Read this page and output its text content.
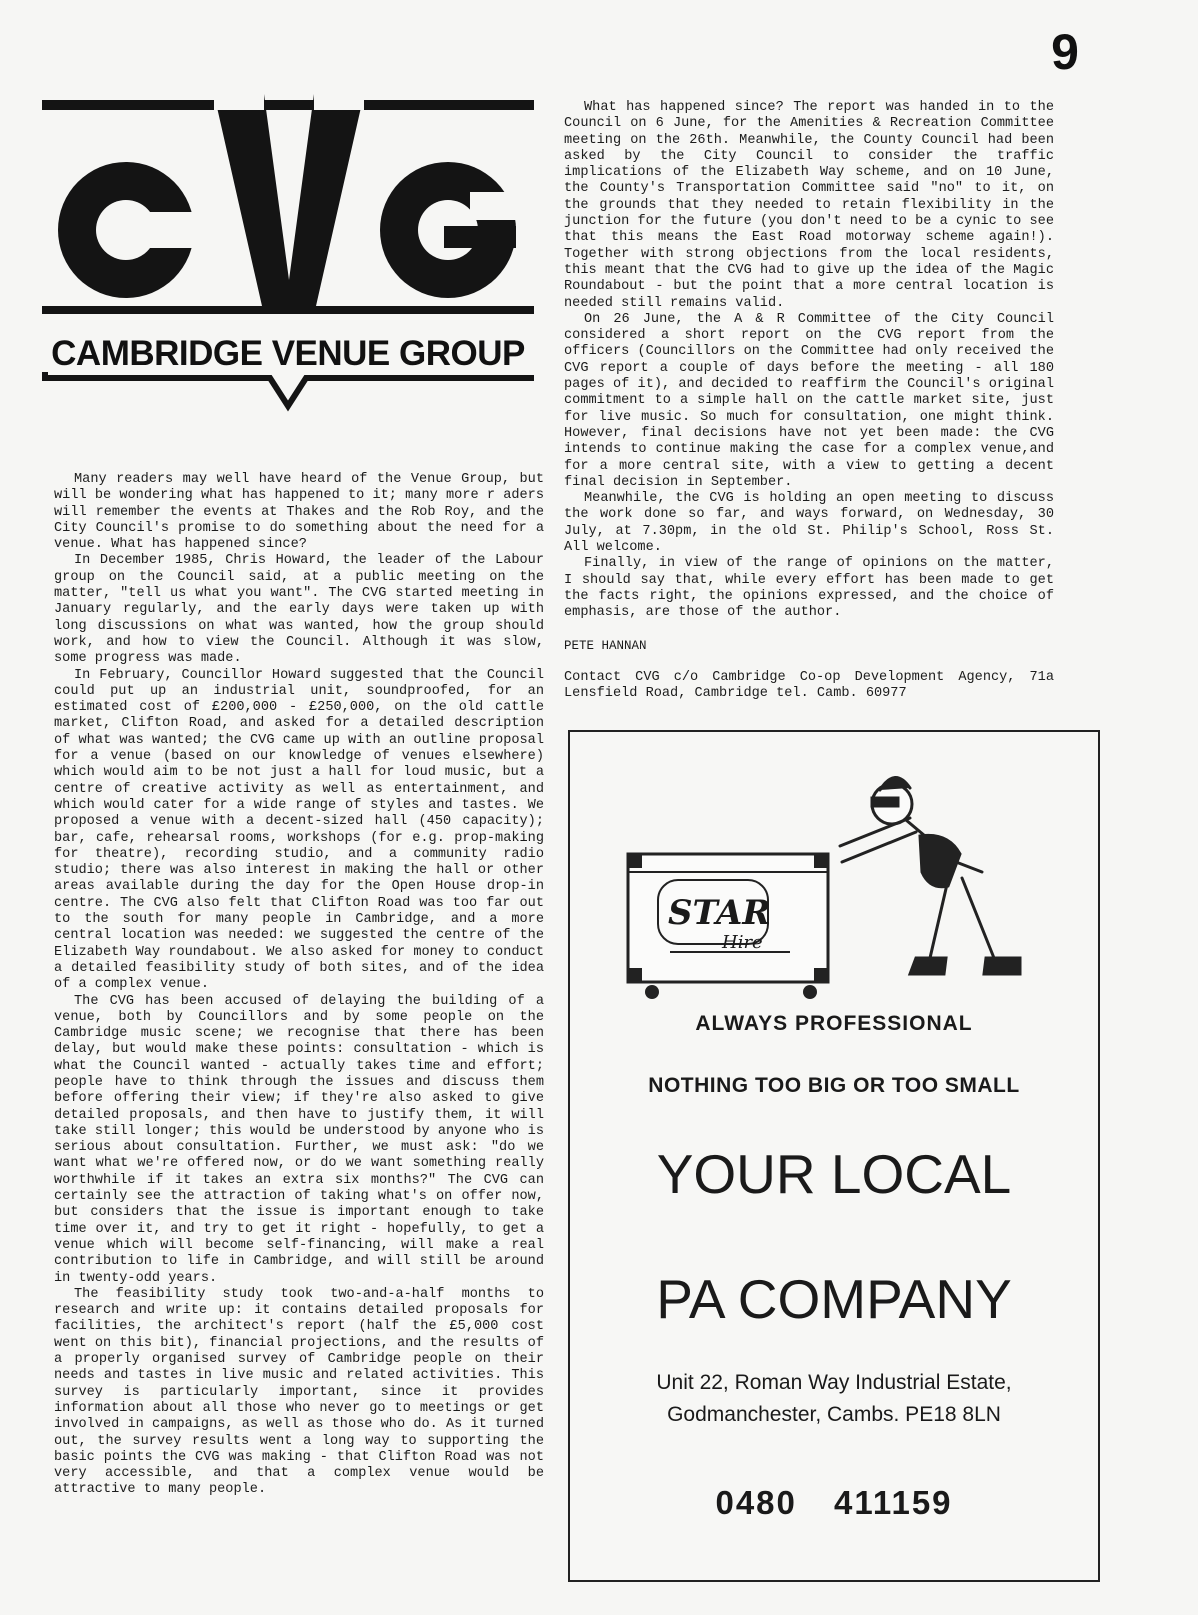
9
CAMBRIDGE VENUE GROUP

Many readers may well have heard of the Venue Group, but will be wondering what has happened to it; many more r aders will remember the events at Thakes and the Rob Roy, and the City Council's promise to do something about the need for a venue. What has happened since?

In December 1985, Chris Howard, the leader of the Labour group on the Council said, at a public meeting on the matter, "tell us what you want". The CVG started meeting in January regularly, and the early days were taken up with long discussions on what was wanted, how the group should work, and how to view the Council. Although it was slow, some progress was made.

In February, Councillor Howard suggested that the Council could put up an industrial unit, soundproofed, for an estimated cost of £200,000 - £250,000, on the old cattle market, Clifton Road, and asked for a detailed description of what was wanted; the CVG came up with an outline proposal for a venue (based on our knowledge of venues elsewhere) which would aim to be not just a hall for loud music, but a centre of creative activity as well as entertainment, and which would cater for a wide range of styles and tastes. We proposed a venue with a decent-sized hall (450 capacity); bar, cafe, rehearsal rooms, workshops (for e.g. prop-making for theatre), recording studio, and a community radio studio; there was also interest in making the hall or other areas available during the day for the Open House drop-in centre. The CVG also felt that Clifton Road was too far out to the south for many people in Cambridge, and a more central location was needed: we suggested the centre of the Elizabeth Way roundabout. We also asked for money to conduct a detailed feasibility study of both sites, and of the idea of a complex venue.

The CVG has been accused of delaying the building of a venue, both by Councillors and by some people on the Cambridge music scene; we recognise that there has been delay, but would make these points: consultation - which is what the Council wanted - actually takes time and effort; people have to think through the issues and discuss them before offering their view; if they're also asked to give detailed proposals, and then have to justify them, it will take still longer; this would be understood by anyone who is serious about consultation. Further, we must ask: "do we want what we're offered now, or do we want something really worthwhile if it takes an extra six months?" The CVG can certainly see the attraction of taking what's on offer now, but considers that the issue is important enough to take time over it, and try to get it right - hopefully, to get a venue which will become self-financing, will make a real contribution to life in Cambridge, and will still be around in twenty-odd years.

The feasibility study took two-and-a-half months to research and write up: it contains detailed proposals for facilities, the architect's report (half the £5,000 cost went on this bit), financial projections, and the results of a properly organised survey of Cambridge people on their needs and tastes in live music and related activities. This survey is particularly important, since it provides information about all those who never go to meetings or get involved in campaigns, as well as those who do. As it turned out, the survey results went a long way to supporting the basic points the CVG was making - that Clifton Road was not very accessible, and that a complex venue would be attractive to many people.

What has happened since? The report was handed in to the Council on 6 June, for the Amenities & Recreation Committee meeting on the 26th. Meanwhile, the County Council had been asked by the City Council to consider the traffic implications of the Elizabeth Way scheme, and on 10 June, the County's Transportation Committee said "no" to it, on the grounds that they needed to retain flexibility in the junction for the future (you don't need to be a cynic to see that this means the East Road motorway scheme again!). Together with strong objections from the local residents, this meant that the CVG had to give up the idea of the Magic Roundabout - but the point that a more central location is needed still remains valid.

On 26 June, the A & R Committee of the City Council considered a short report on the CVG report from the officers (Councillors on the Committee had only received the CVG report a couple of days before the meeting - all 180 pages of it), and decided to reaffirm the Council's original commitment to a simple hall on the cattle market site, just for live music. So much for consultation, one might think. However, final decisions have not yet been made: the CVG intends to continue making the case for a complex venue,and for a more central site, with a view to getting a decent final decision in September.

Meanwhile, the CVG is holding an open meeting to discuss the work done so far, and ways forward, on Wednesday, 30 July, at 7.30pm, in the old St. Philip's School, Ross St. All welcome.

Finally, in view of the range of opinions on the matter, I should say that, while every effort has been made to get the facts right, the opinions expressed, and the choice of emphasis, are those of the author.

PETE HANNAN

Contact CVG c/o Cambridge Co-op Development Agency, 71a Lensfield Road, Cambridge tel. Camb. 60977

STAR
Hire
ALWAYS PROFESSIONAL
NOTHING TOO BIG OR TOO SMALL
YOUR LOCAL
PA COMPANY
Unit 22, Roman Way Industrial Estate,
Godmanchester, Cambs. PE18 8LN
0480 411159
